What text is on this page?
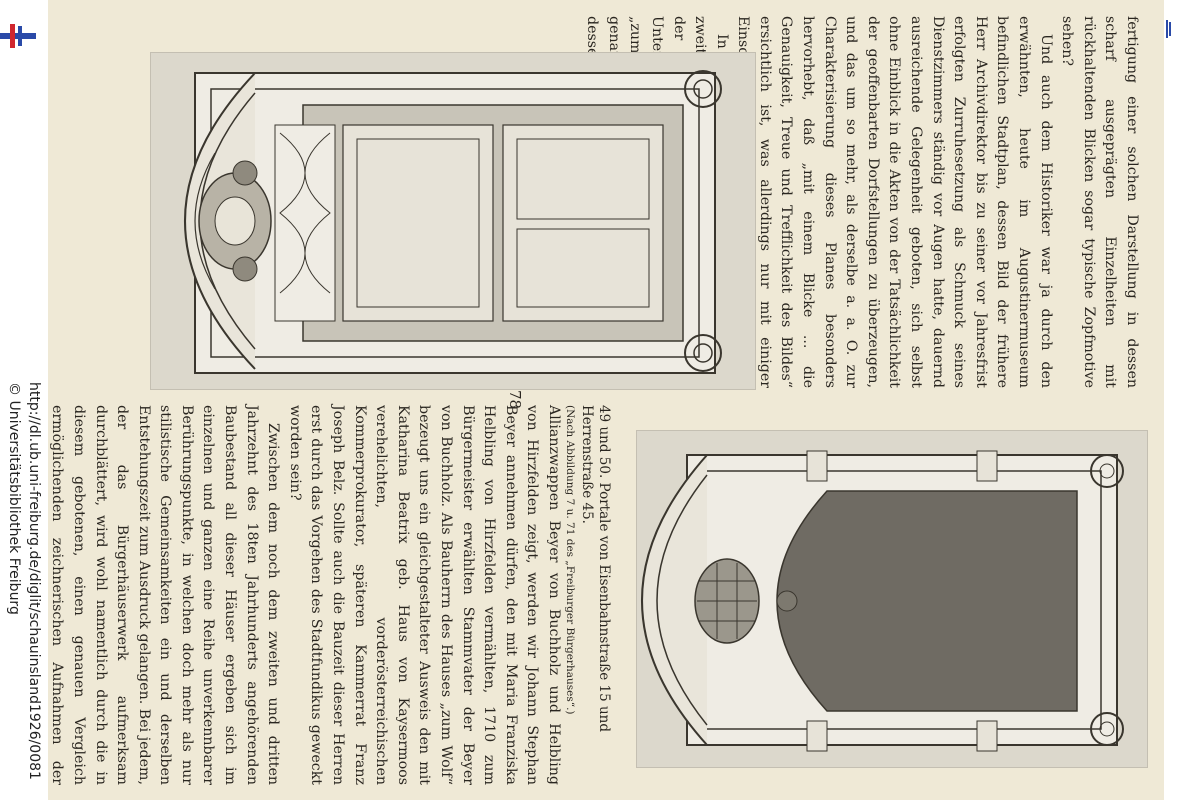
http://dl.ub.uni-freiburg.de/diglit/schauinsland1926/0081
© Universitätsbibliothek Freiburg

fertigung einer solchen Darstellung in dessen scharf ausgeprägten Einzelheiten mit rückhaltenden Blicken sogar typische Zopfmotive sehen?

Und auch dem Historiker war ja durch den erwähnten, heute im Augustinermuseum befindlichen Stadtplan, dessen Bild der frühere Herr Archivdirektor bis zu seiner vor Jahresfrist erfolgten Zurruhesetzung als Schmuck seines Dienstzimmers ständig vor Augen hatte, dauernd ausreichende Gelegenheit geboten, sich selbst ohne Einblick in die Akten von der Tatsächlichkeit der geoffenbarten Dorfstellungen zu überzeugen, und das um so mehr, als derselbe a. a. O. zur Charakterisierung dieses Planes besonders hervorhebt, daß „mit einem Blicke ... die Genauigkeit, Treue und Trefflichkeit des Bildes“ ersichtlich ist, was allerdings nur mit einiger

In zweite der „zum genannt dessen

78
49 und 50. Portale von Eisenbahnstraße 15 und Herrenstraße 45.
(Nach Abbildung 7 u. 71 des „Freiburger Bürgerhauses“.)

Allianzwappen Beyer von Buchholz und Helbling von Hirzfelden zeigt, werden wir Johann Stephan Beyer annehmen dürfen, den mit Maria Franziska Helbling von Hirzfelden vermählten, 1710 zum Bürgermeister erwählten Stammvater der Beyer von Buchholz. Als Bauherrn des Hauses „zum Wolf“ bezeugt uns ein gleichgestalteter Ausweis den mit Katharina Beatrix geb. Haus von Kaysermoos verehelichten, vorderösterreichischen Kommerprokurator, späteren Kammerrat Franz Joseph Belz. Sollte auch die Bauzeit dieser Herren erst durch das Vorgehen des Stadtfundikus geweckt worden sein?

Zwischen dem noch dem zweiten und dritten Jahrzehnt des 18ten Jahrhunderts angehörenden Baubestand all dieser Häuser ergeben sich im einzelnen und ganzen eine Reihe unverkennbarer Berührungspunkte, in welchen doch mehr als nur stilistische Gemeinsamkeiten ein und derselben Entstehungszeit zum Ausdruck gelangen. Bei jedem, der das Bürgerhäuserwerk aufmerksam durchblättert, wird wohl namentlich durch die in diesem gebotenen, einen genauen Vergleich ermöglichenden zeichnerischen Aufnahmen der
